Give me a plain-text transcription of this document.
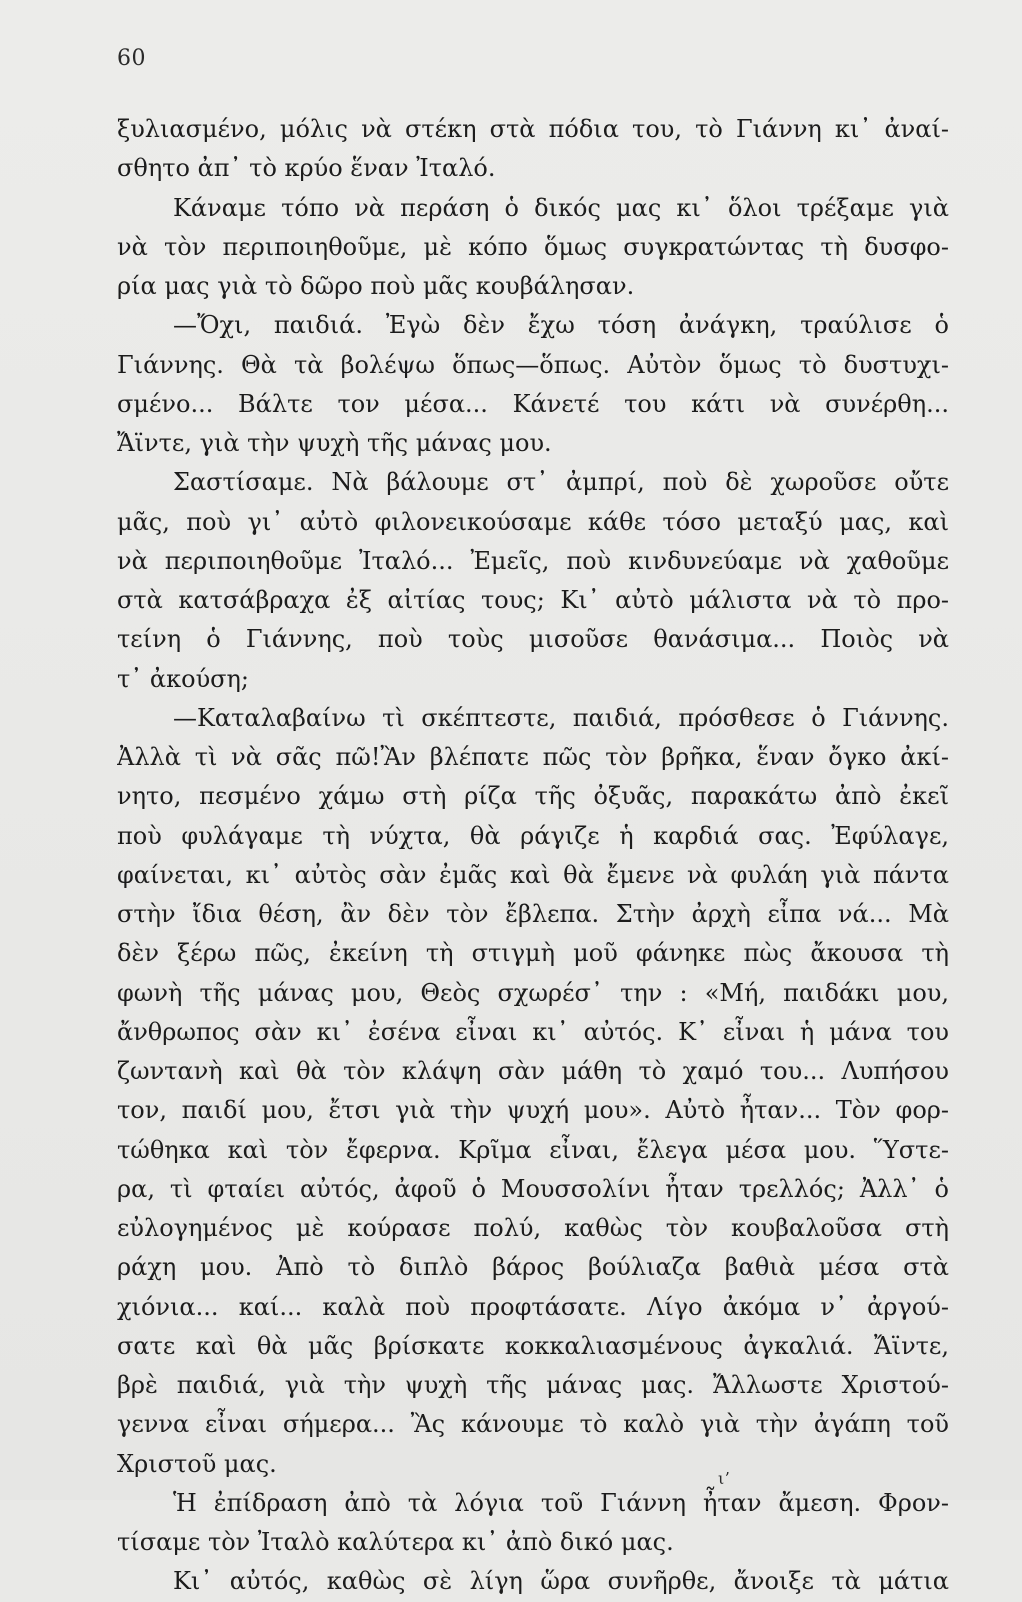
60
ξυλιασμένο, μόλις νὰ στέκη στὰ πόδια του, τὸ Γιάννη κι᾿ ἀναί-
σθητο ἀπ᾿ τὸ κρύο ἕναν Ἰταλό.
Κάναμε τόπο νὰ περάση ὁ δικός μας κι᾿ ὅλοι τρέξαμε γιὰ
νὰ τὸν περιποιηθοῦμε, μὲ κόπο ὅμως συγκρατώντας τὴ δυσφο-
ρία μας γιὰ τὸ δῶρο ποὺ μᾶς κουβάλησαν.
—Ὄχι, παιδιά. Ἐγὼ δὲν ἔχω τόση ἀνάγκη, τραύλισε ὁ
Γιάννης. Θὰ τὰ βολέψω ὅπως—ὅπως. Αὐτὸν ὅμως τὸ δυστυχι-
σμένο... Βάλτε τον μέσα... Κάνετέ του κάτι νὰ συνέρθη...
Ἄϊντε, γιὰ τὴν ψυχὴ τῆς μάνας μου.
Σαστίσαμε. Νὰ βάλουμε στ᾿ ἀμπρί, ποὺ δὲ χωροῦσε οὔτε
μᾶς, ποὺ γι᾿ αὐτὸ φιλονεικούσαμε κάθε τόσο μεταξύ μας, καὶ
νὰ περιποιηθοῦμε Ἰταλό... Ἐμεῖς, ποὺ κινδυνεύαμε νὰ χαθοῦμε
στὰ κατσάβραχα ἐξ αἰτίας τους; Κι᾿ αὐτὸ μάλιστα νὰ τὸ προ-
τείνη ὁ Γιάννης, ποὺ τοὺς μισοῦσε θανάσιμα... Ποιὸς νὰ
τ᾿ ἀκούση;
—Καταλαβαίνω τὶ σκέπτεστε, παιδιά, πρόσθεσε ὁ Γιάννης.
Ἀλλὰ τὶ νὰ σᾶς πῶ!Ἂν βλέπατε πῶς τὸν βρῆκα, ἕναν ὄγκο ἀκί-
νητο, πεσμένο χάμω στὴ ρίζα τῆς ὀξυᾶς, παρακάτω ἀπὸ ἐκεῖ
ποὺ φυλάγαμε τὴ νύχτα, θὰ ράγιζε ἡ καρδιά σας. Ἐφύλαγε,
φαίνεται, κι᾿ αὐτὸς σὰν ἐμᾶς καὶ θὰ ἔμενε νὰ φυλάη γιὰ πάντα
στὴν ἴδια θέση, ἂν δὲν τὸν ἔβλεπα. Στὴν ἀρχὴ εἶπα νά... Μὰ
δὲν ξέρω πῶς, ἐκείνη τὴ στιγμὴ μοῦ φάνηκε πὼς ἄκουσα τὴ
φωνὴ τῆς μάνας μου, Θεὸς σχωρέσ᾿ την : «Μή, παιδάκι μου,
ἄνθρωπος σὰν κι᾿ ἐσένα εἶναι κι᾿ αὐτός. Κ᾿ εἶναι ἡ μάνα του
ζωντανὴ καὶ θὰ τὸν κλάψη σὰν μάθη τὸ χαμό του... Λυπήσου
τον, παιδί μου, ἔτσι γιὰ τὴν ψυχή μου». Αὐτὸ ἦταν... Τὸν φορ-
τώθηκα καὶ τὸν ἔφερνα. Κρῖμα εἶναι, ἔλεγα μέσα μου. Ὕστε-
ρα, τὶ φταίει αὐτός, ἀφοῦ ὁ Μουσσολίνι ἦταν τρελλός; Ἀλλ᾿ ὁ
εὐλογημένος μὲ κούρασε πολύ, καθὼς τὸν κουβαλοῦσα στὴ
ράχη μου. Ἀπὸ τὸ διπλὸ βάρος βούλιαζα βαθιὰ μέσα στὰ
χιόνια... καί... καλὰ ποὺ προφτάσατε. Λίγο ἀκόμα ν᾿ ἀργού-
σατε καὶ θὰ μᾶς βρίσκατε κοκκαλιασμένους ἀγκαλιά. Ἄϊντε,
βρὲ παιδιά, γιὰ τὴν ψυχὴ τῆς μάνας μας. Ἄλλωστε Χριστού-
γεννα εἶναι σήμερα... Ἂς κάνουμε τὸ καλὸ γιὰ τὴν ἀγάπη τοῦ
Χριστοῦ μας.
Ἡ ἐπίδραση ἀπὸ τὰ λόγια τοῦ Γιάννη ἦταν ἄμεση. Φρον-
τίσαμε τὸν Ἰταλὸ καλύτερα κι᾿ ἀπὸ δικό μας.
Κι᾿ αὐτός, καθὼς σὲ λίγη ὥρα συνῆρθε, ἄνοιξε τὰ μάτια
ιʼ
